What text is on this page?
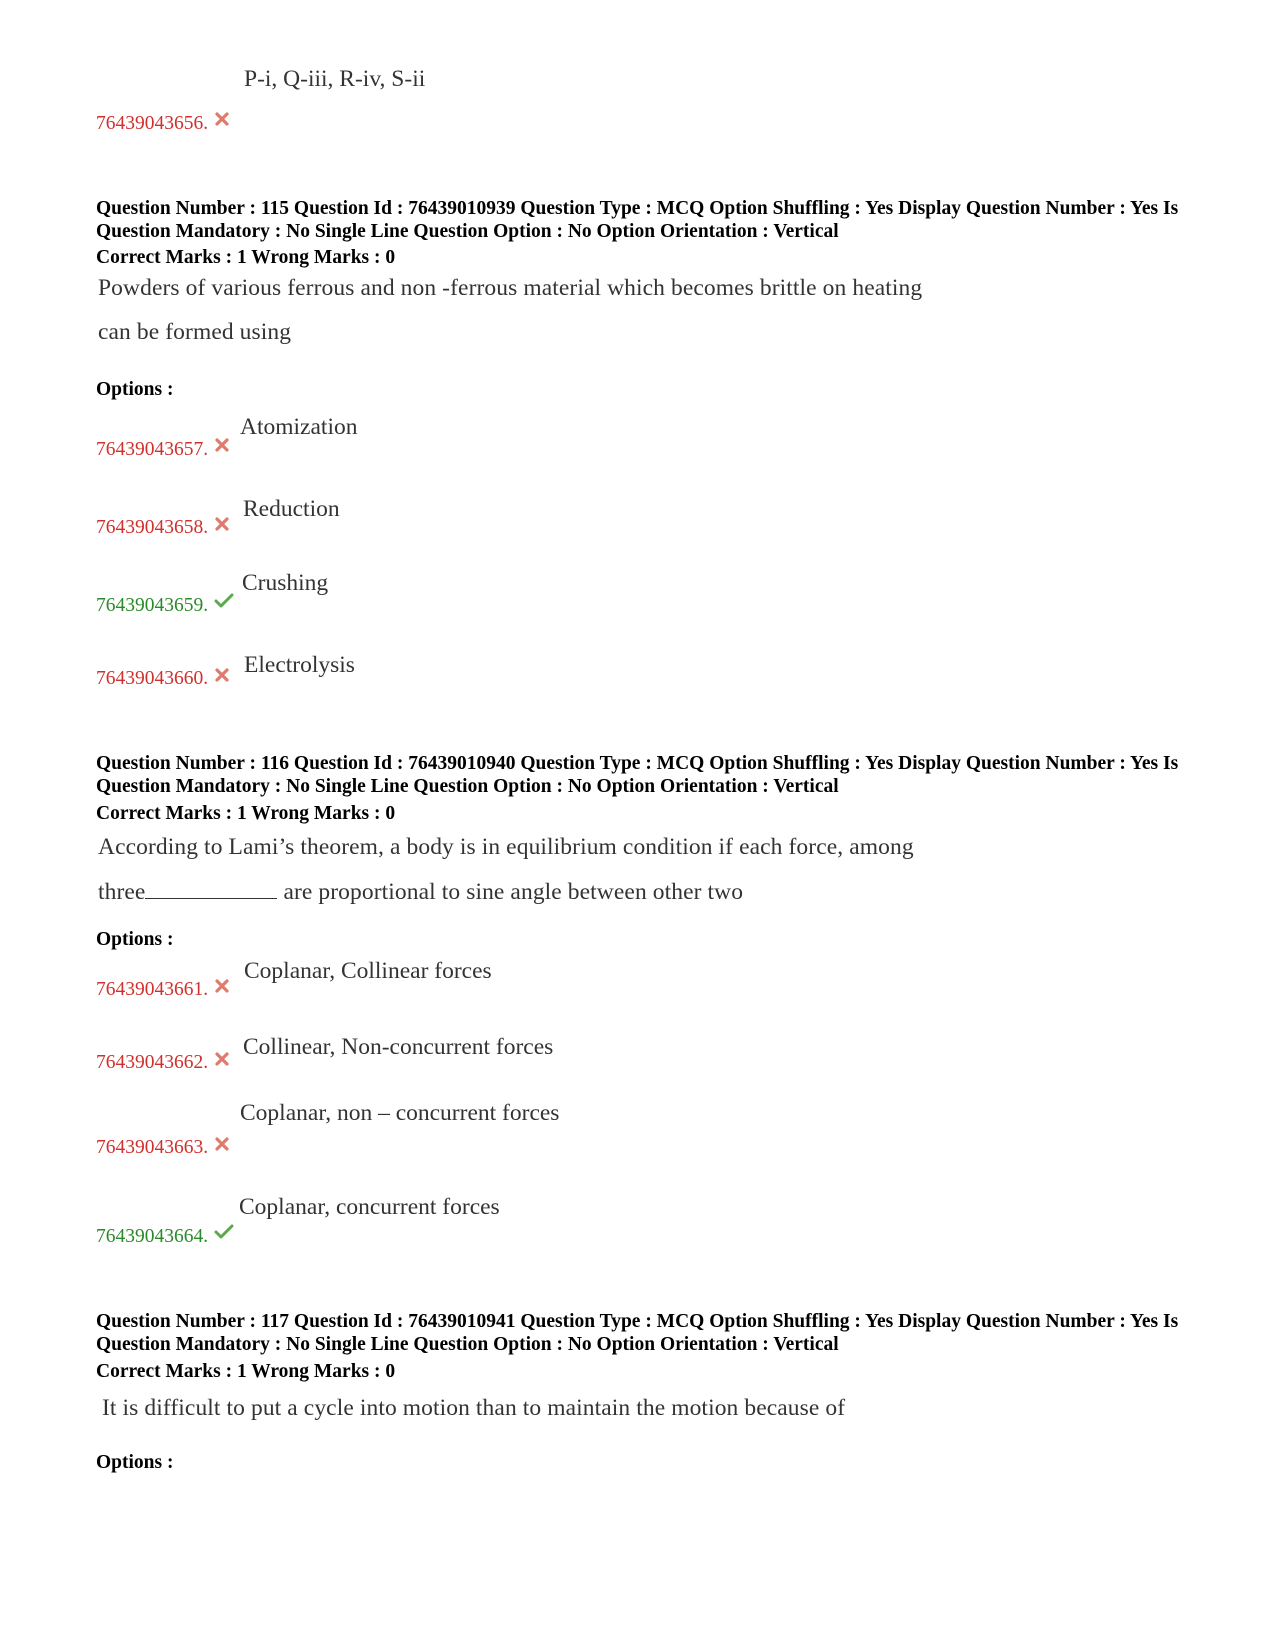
P-i, Q-iii, R-iv, S-ii
76439043656.
Question Number : 115 Question Id : 76439010939 Question Type : MCQ Option Shuffling : Yes Display Question Number : Yes Is Question Mandatory : No Single Line Question Option : No Option Orientation : Vertical
Correct Marks : 1 Wrong Marks : 0
Powders of various ferrous and non -ferrous material which becomes brittle on heating
can be formed using
Options :
Atomization
76439043657.
Reduction
76439043658.
Crushing
76439043659.
Electrolysis
76439043660.
Question Number : 116 Question Id : 76439010940 Question Type : MCQ Option Shuffling : Yes Display Question Number : Yes Is Question Mandatory : No Single Line Question Option : No Option Orientation : Vertical
Correct Marks : 1 Wrong Marks : 0
According to Lami’s theorem, a body is in equilibrium condition if each force, among
three	are proportional to sine angle between other two
Options :
Coplanar, Collinear forces
76439043661.
Collinear, Non-concurrent forces
76439043662.
Coplanar, non – concurrent forces
76439043663.
Coplanar, concurrent forces
76439043664.
Question Number : 117 Question Id : 76439010941 Question Type : MCQ Option Shuffling : Yes Display Question Number : Yes Is Question Mandatory : No Single Line Question Option : No Option Orientation : Vertical
Correct Marks : 1 Wrong Marks : 0
It is difficult to put a cycle into motion than to maintain the motion because of
Options :
